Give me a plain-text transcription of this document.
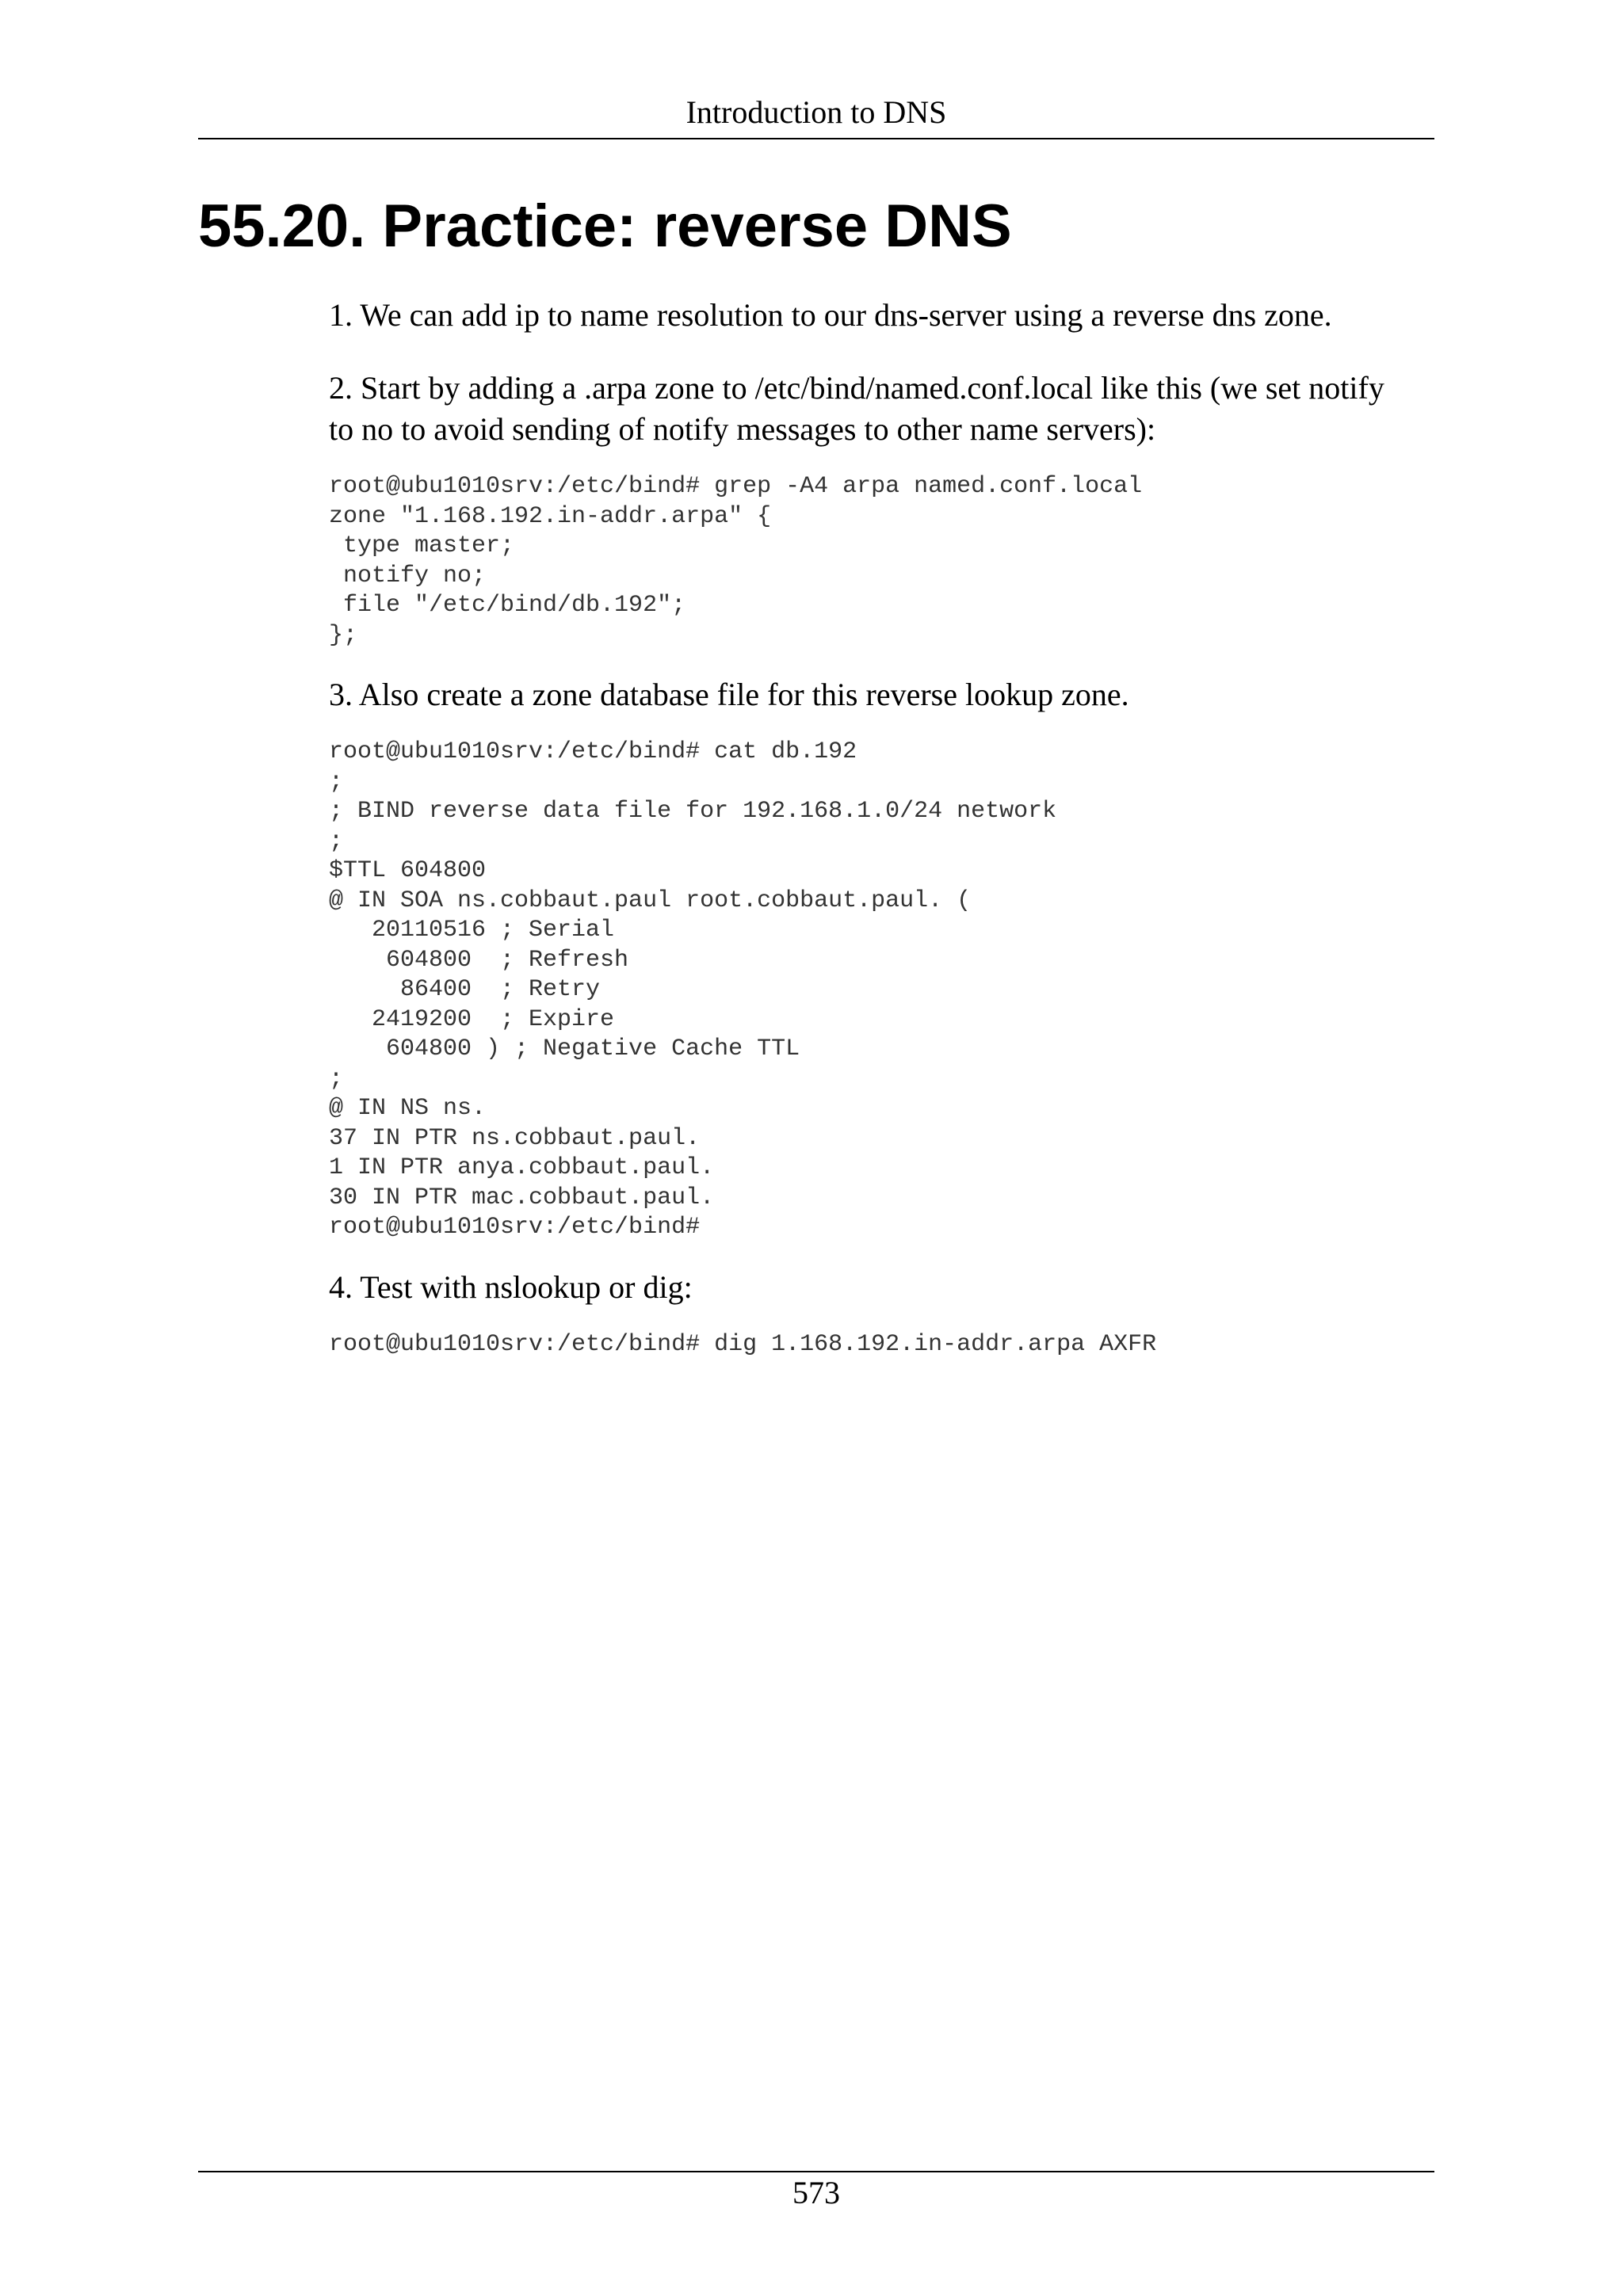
Introduction to DNS
55.20. Practice: reverse DNS

1. We can add ip to name resolution to our dns-server using a reverse dns zone.

2. Start by adding a .arpa zone to /etc/bind/named.conf.local like this (we set notify
to no to avoid sending of notify messages to other name servers):

root@ubu1010srv:/etc/bind# grep -A4 arpa named.conf.local
zone "1.168.192.in-addr.arpa" {
type master;
notify no;
file "/etc/bind/db.192";
};

3. Also create a zone database file for this reverse lookup zone.

root@ubu1010srv:/etc/bind# cat db.192
;
; BIND reverse data file for 192.168.1.0/24 network
;
$TTL 604800
@ IN SOA ns.cobbaut.paul root.cobbaut.paul. (
20110516 ; Serial
604800  ; Refresh
86400  ; Retry
2419200  ; Expire
604800 ) ; Negative Cache TTL
;
@ IN NS ns.
37 IN PTR ns.cobbaut.paul.
1 IN PTR anya.cobbaut.paul.
30 IN PTR mac.cobbaut.paul.
root@ubu1010srv:/etc/bind#

4. Test with nslookup or dig:

root@ubu1010srv:/etc/bind# dig 1.168.192.in-addr.arpa AXFR
573
